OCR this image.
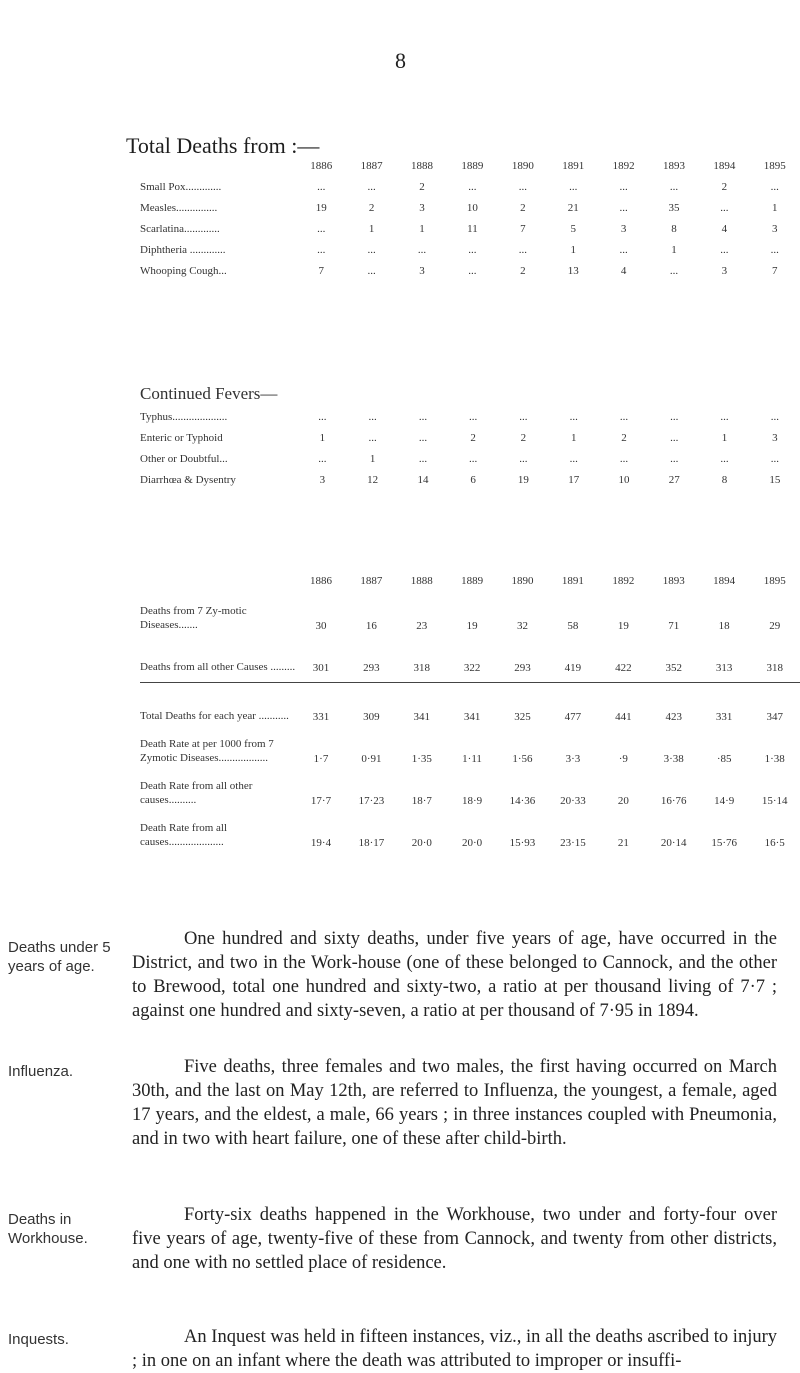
8
Total Deaths from :—
	1886	1887	1888	1889	1890	1891	1892	1893	1894	1895
Small Pox.............	...	...	2	...	...	...	...	...	2	...
Measles...............	19	2	3	10	2	21	...	35	...	1
Scarlatina.............	...	1	1	11	7	5	3	8	4	3
Diphtheria .............	...	...	...	...	...	1	...	1	...	...
Whooping Cough...	7	...	3	...	2	13	4	...	3	7
Continued Fevers—
Typhus....................	...	...	...	...	...	...	...	...	...	...
Enteric or Typhoid	1	...	...	2	2	1	2	...	1	3
Other or Doubtful...	...	1	...	...	...	...	...	...	...	...
Diarrhœa & Dysentry	3	12	14	6	19	17	10	27	8	15
	1886	1887	1888	1889	1890	1891	1892	1893	1894	1895
Deaths from 7 Zy-motic Diseases.......	30	16	23	19	32	58	19	71	18	29
Deaths from all other Causes .........	301	293	318	322	293	419	422	352	313	318

Total Deaths for each year ...........	331	309	341	341	325	477	441	423	331	347
Death Rate at per 1000 from 7 Zymotic Diseases..................	1·7	0·91	1·35	1·11	1·56	3·3	·9	3·38	·85	1·38
Death Rate from all other causes..........	17·7	17·23	18·7	18·9	14·36	20·33	20	16·76	14·9	15·14
Death Rate from all causes....................	19·4	18·17	20·0	20·0	15·93	23·15	21	20·14	15·76	16·5
Deaths under 5 years of age.

One hundred and sixty deaths, under five years of age, have occurred in the District, and two in the Work-house (one of these belonged to Cannock, and the other to Brewood, total one hundred and sixty-two, a ratio at per thousand living of 7·7 ; against one hundred and sixty-seven, a ratio at per thousand of 7·95 in 1894.

Influenza.	Five deaths, three females and two males, the first having occurred on March 30th, and the last on May 12th, are referred to Influenza, the youngest, a female, aged 17 years, and the eldest, a male, 66 years ; in three instances coupled with Pneumonia, and in two with heart failure, one of these after child-birth.

Deaths in Workhouse.

Forty-six deaths happened in the Workhouse, two under and forty-four over five years of age, twenty-five of these from Cannock, and twenty from other districts, and one with no settled place of residence.

Inquests.	An Inquest was held in fifteen instances, viz., in all the deaths ascribed to injury ; in one on an infant where the death was attributed to improper or insuffi-
